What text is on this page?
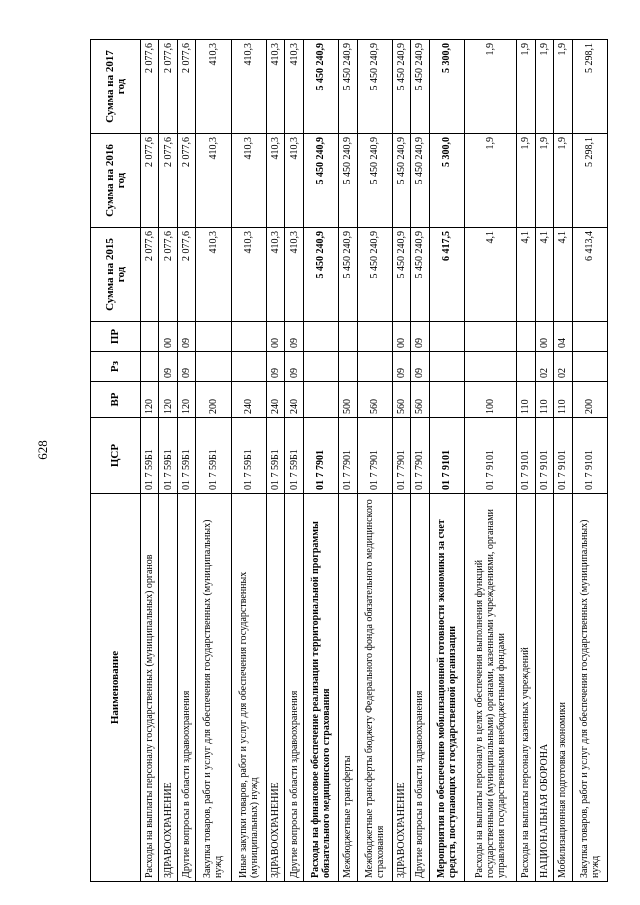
628
Наименование	ЦСР	ВР	Рз	ПР	Сумма на 2015 год	Сумма на 2016 год	Сумма на 2017 год
Расходы на выплаты персоналу государственных (муниципальных) органов	01 7 59Б1	120			2 077,6	2 077,6	2 077,6
ЗДРАВООХРАНЕНИЕ	01 7 59Б1	120	09	00	2 077,6	2 077,6	2 077,6
Другие вопросы в области здравоохранения	01 7 59Б1	120	09	09	2 077,6	2 077,6	2 077,6
Закупка товаров, работ и услуг для обеспечения государственных (муниципальных) нужд	01 7 59Б1	200			410,3	410,3	410,3
Иные закупки товаров, работ и услуг для обеспечения государственных (муниципальных) нужд	01 7 59Б1	240			410,3	410,3	410,3
ЗДРАВООХРАНЕНИЕ	01 7 59Б1	240	09	00	410,3	410,3	410,3
Другие вопросы в области здравоохранения	01 7 59Б1	240	09	09	410,3	410,3	410,3
Расходы на финансовое обеспечение реализации территориальной программы обязательного медицинского страхования	01 7 7901				5 450 240,9	5 450 240,9	5 450 240,9
Межбюджетные трансферты	01 7 7901	500			5 450 240,9	5 450 240,9	5 450 240,9
Межбюджетные трансферты бюджету Федерального фонда обязательного медицинского страхования	01 7 7901	560			5 450 240,9	5 450 240,9	5 450 240,9
ЗДРАВООХРАНЕНИЕ	01 7 7901	560	09	00	5 450 240,9	5 450 240,9	5 450 240,9
Другие вопросы в области здравоохранения	01 7 7901	560	09	09	5 450 240,9	5 450 240,9	5 450 240,9
Мероприятия по обеспечению мобилизационной готовности экономики за счет средств, поступающих от государственной организации	01 7 9101				6 417,5	5 300,0	5 300,0
Расходы на выплаты персоналу в целях обеспечения выполнения функций государственными (муниципальными) органами, казенными учреждениями, органами управления государственными внебюджетными фондами	01 7 9101	100			4,1	1,9	1,9
Расходы на выплаты персоналу казенных учреждений	01 7 9101	110			4,1	1,9	1,9
НАЦИОНАЛЬНАЯ ОБОРОНА	01 7 9101	110	02	00	4,1	1,9	1,9
Мобилизационная подготовка экономики	01 7 9101	110	02	04	4,1	1,9	1,9
Закупка товаров, работ и услуг для обеспечения государственных (муниципальных) нужд	01 7 9101	200			6 413,4	5 298,1	5 298,1
